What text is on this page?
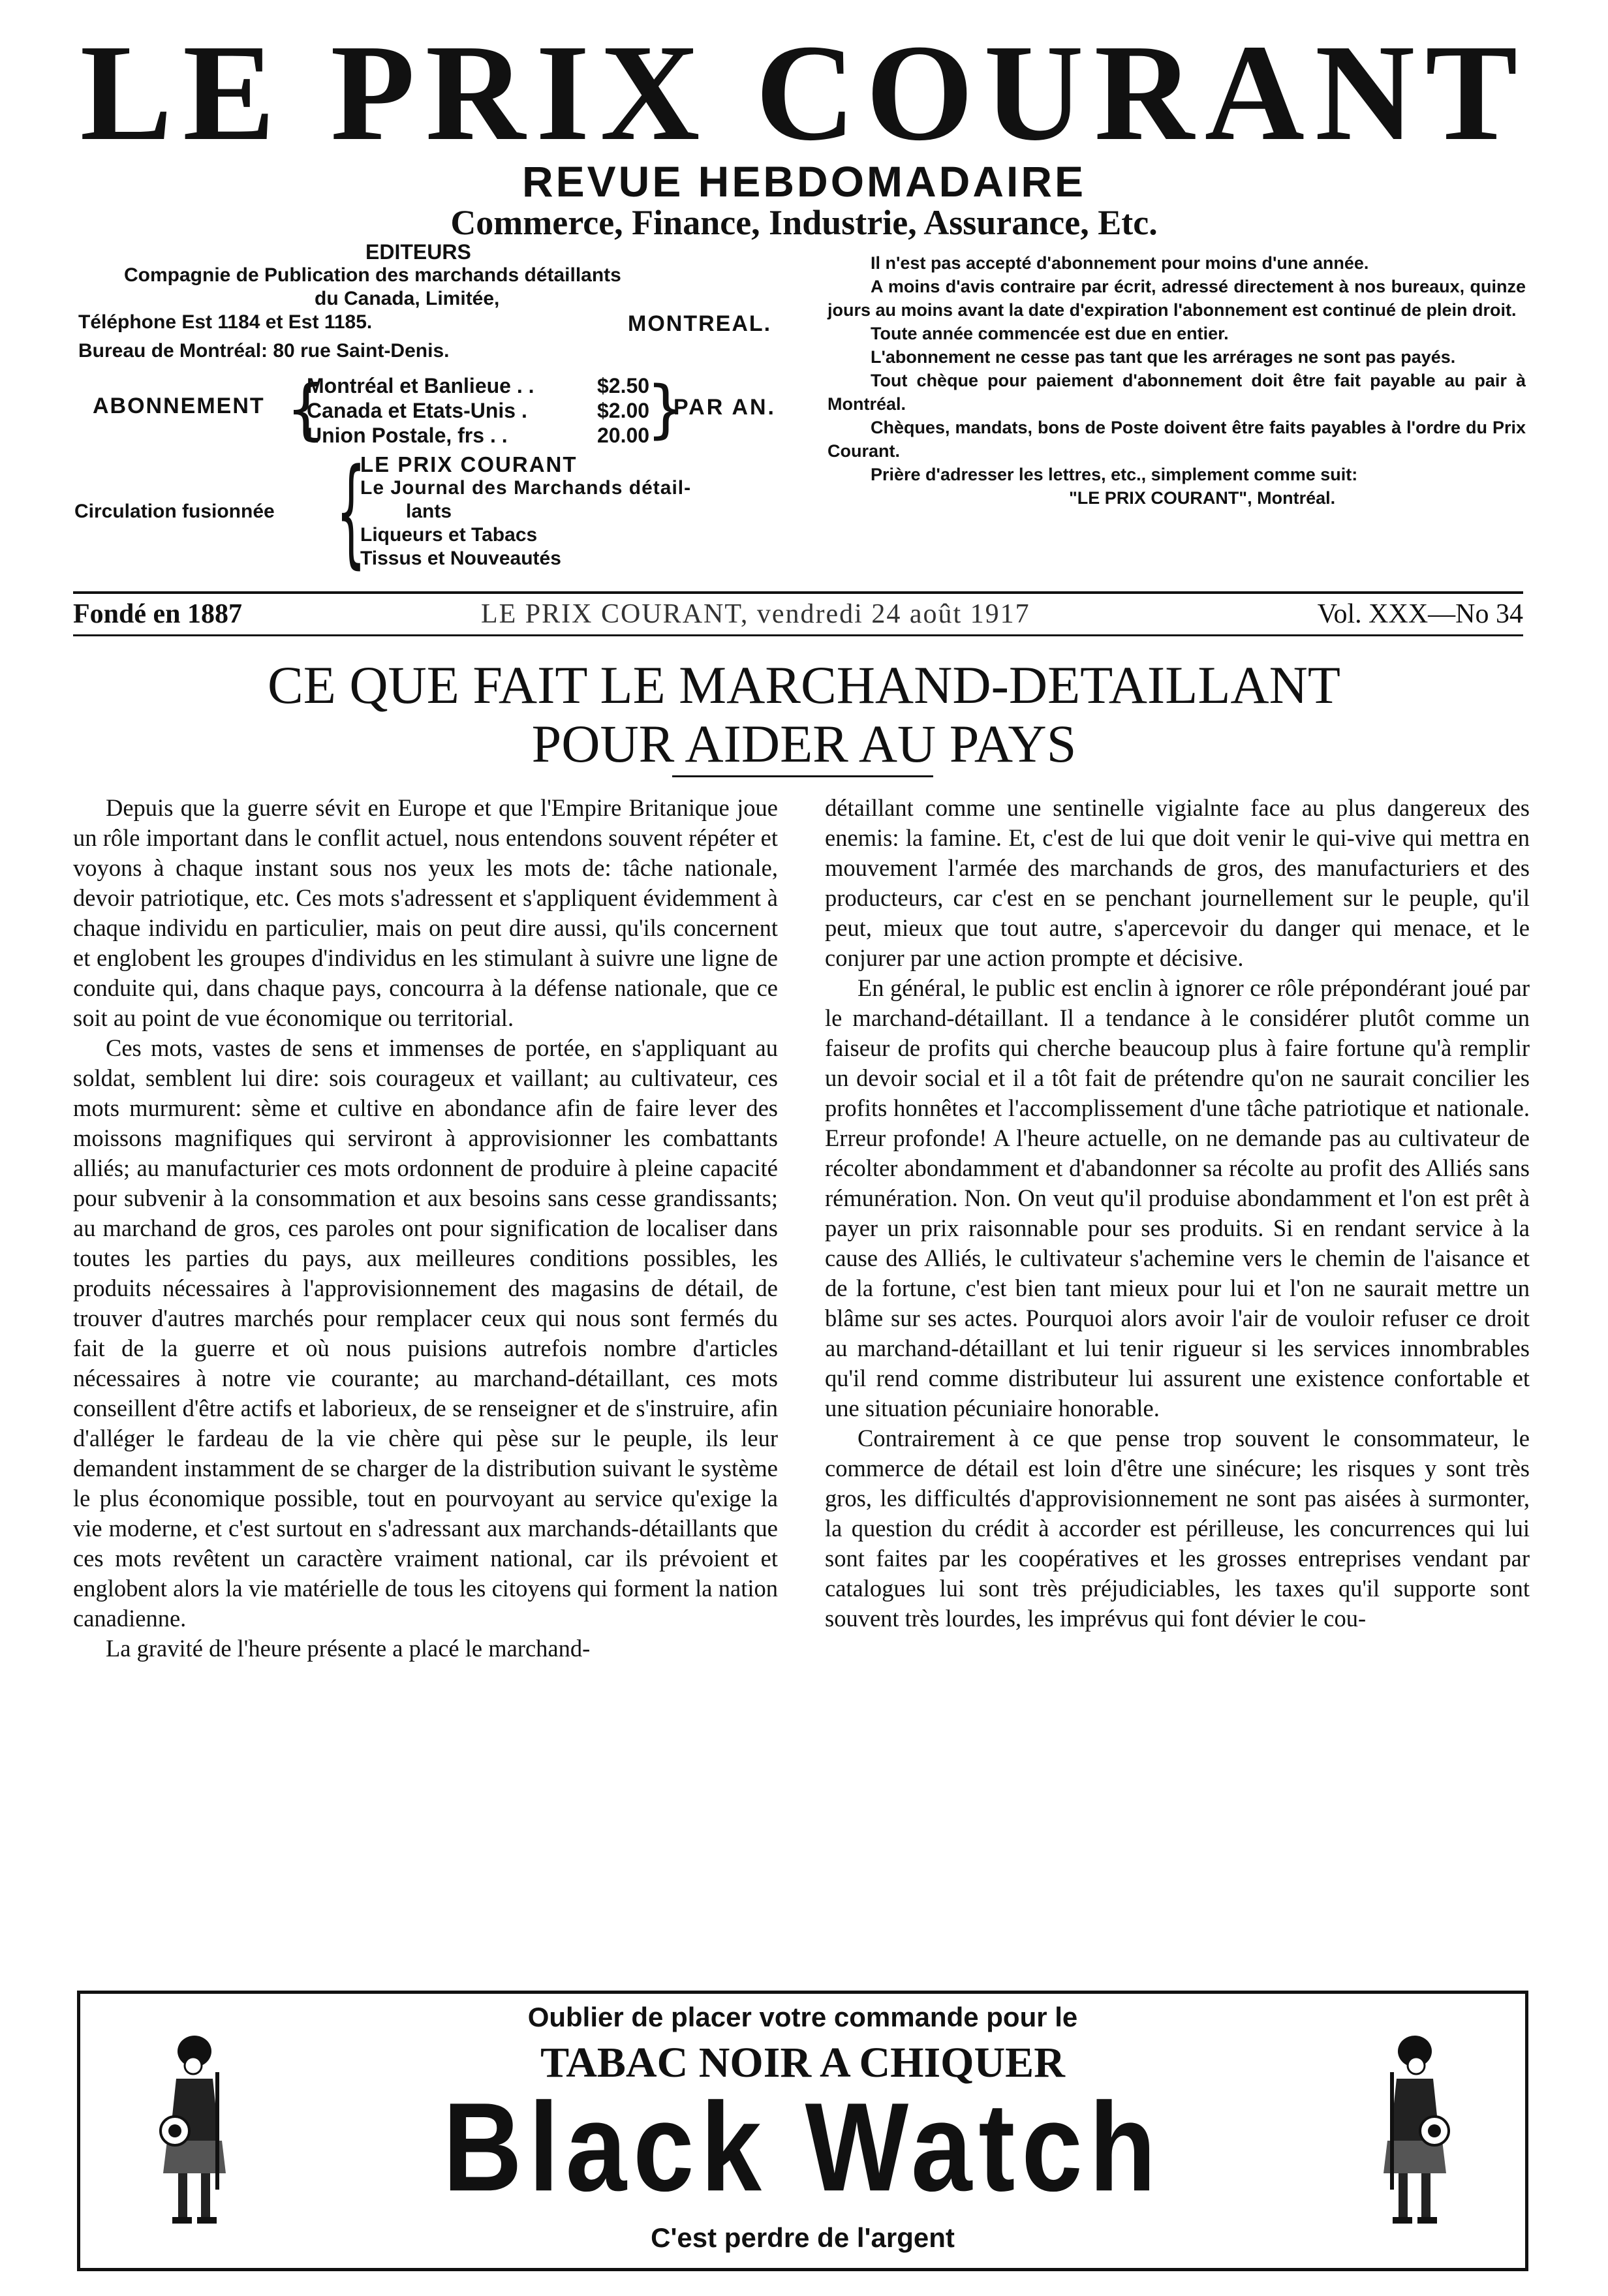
LE PRIX COURANT
REVUE HEBDOMADAIRE
Commerce, Finance, Industrie, Assurance, Etc.
EDITEURS
Compagnie de Publication des marchands détaillants
du Canada, Limitée,
Téléphone Est 1184 et Est 1185.	MONTREAL.
Bureau de Montréal: 80 rue Saint-Denis.
ABONNEMENT {
Montréal et Banlieue . .	$2.50
Canada et Etats-Unis .	$2.00
Union Postale, frs . .	20.00
}
PAR AN.
Circulation fusionnée {
LE PRIX COURANT
Le Journal des Marchands détail-
lants
Liqueurs et Tabacs
Tissus et Nouveautés

Il n'est pas accepté d'abonnement pour moins d'une année.

A moins d'avis contraire par écrit, adressé directement à nos bureaux, quinze jours au moins avant la date d'expiration l'abonnement est continué de plein droit.

Toute année commencée est due en entier.

L'abonnement ne cesse pas tant que les arrérages ne sont pas payés.

Tout chèque pour paiement d'abonnement doit être fait payable au pair à Montréal.

Chèques, mandats, bons de Poste doivent être faits payables à l'ordre du Prix Courant.

Prière d'adresser les lettres, etc., simplement comme suit:

"LE PRIX COURANT", Montréal.

Fondé en 1887	LE PRIX COURANT, vendredi 24 août 1917	Vol. XXX—No 34
CE QUE FAIT LE MARCHAND-DETAILLANT
POUR AIDER AU PAYS

Depuis que la guerre sévit en Europe et que l'Empire Britanique joue un rôle important dans le conflit actuel, nous entendons souvent répéter et voyons à chaque instant sous nos yeux les mots de: tâche nationale, devoir patriotique, etc. Ces mots s'adressent et s'appliquent évidemment à chaque individu en particulier, mais on peut dire aussi, qu'ils concernent et englobent les groupes d'individus en les stimulant à suivre une ligne de conduite qui, dans chaque pays, concourra à la défense nationale, que ce soit au point de vue économique ou territorial.

Ces mots, vastes de sens et immenses de portée, en s'appliquant au soldat, semblent lui dire: sois courageux et vaillant; au cultivateur, ces mots murmurent: sème et cultive en abondance afin de faire lever des moissons magnifiques qui serviront à approvisionner les combattants alliés; au manufacturier ces mots ordonnent de produire à pleine capacité pour subvenir à la consommation et aux besoins sans cesse grandissants; au marchand de gros, ces paroles ont pour signification de localiser dans toutes les parties du pays, aux meilleures conditions possibles, les produits nécessaires à l'approvisionnement des magasins de détail, de trouver d'autres marchés pour remplacer ceux qui nous sont fermés du fait de la guerre et où nous puisions autrefois nombre d'articles nécessaires à notre vie courante; au marchand-détaillant, ces mots conseillent d'être actifs et laborieux, de se renseigner et de s'instruire, afin d'alléger le fardeau de la vie chère qui pèse sur le peuple, ils leur demandent instamment de se charger de la distribution suivant le système le plus économique possible, tout en pourvoyant au service qu'exige la vie moderne, et c'est surtout en s'adressant aux marchands-détaillants que ces mots revêtent un caractère vraiment national, car ils prévoient et englobent alors la vie matérielle de tous les citoyens qui forment la nation canadienne.

La gravité de l'heure présente a placé le marchand-

détaillant comme une sentinelle vigialnte face au plus dangereux des enemis: la famine. Et, c'est de lui que doit venir le qui-vive qui mettra en mouvement l'armée des marchands de gros, des manufacturiers et des producteurs, car c'est en se penchant journellement sur le peuple, qu'il peut, mieux que tout autre, s'apercevoir du danger qui menace, et le conjurer par une action prompte et décisive.

En général, le public est enclin à ignorer ce rôle prépondérant joué par le marchand-détaillant. Il a tendance à le considérer plutôt comme un faiseur de profits qui cherche beaucoup plus à faire fortune qu'à remplir un devoir social et il a tôt fait de prétendre qu'on ne saurait concilier les profits honnêtes et l'accomplissement d'une tâche patriotique et nationale. Erreur profonde! A l'heure actuelle, on ne demande pas au cultivateur de récolter abondamment et d'abandonner sa récolte au profit des Alliés sans rémunération. Non. On veut qu'il produise abondamment et l'on est prêt à payer un prix raisonnable pour ses produits. Si en rendant service à la cause des Alliés, le cultivateur s'achemine vers le chemin de l'aisance et de la fortune, c'est bien tant mieux pour lui et l'on ne saurait mettre un blâme sur ses actes. Pourquoi alors avoir l'air de vouloir refuser ce droit au marchand-détaillant et lui tenir rigueur si les services innombrables qu'il rend comme distributeur lui assurent une existence confortable et une situation pécuniaire honorable.

Contrairement à ce que pense trop souvent le consommateur, le commerce de détail est loin d'être une sinécure; les risques y sont très gros, les difficultés d'approvisionnement ne sont pas aisées à surmonter, la question du crédit à accorder est périlleuse, les concurrences qui lui sont faites par les coopératives et les grosses entreprises vendant par catalogues lui sont très préjudiciables, les taxes qu'il supporte sont souvent très lourdes, les imprévus qui font dévier le cou-

Oublier de placer votre commande pour le
TABAC NOIR A CHIQUER
Black Watch
C'est perdre de l'argent
